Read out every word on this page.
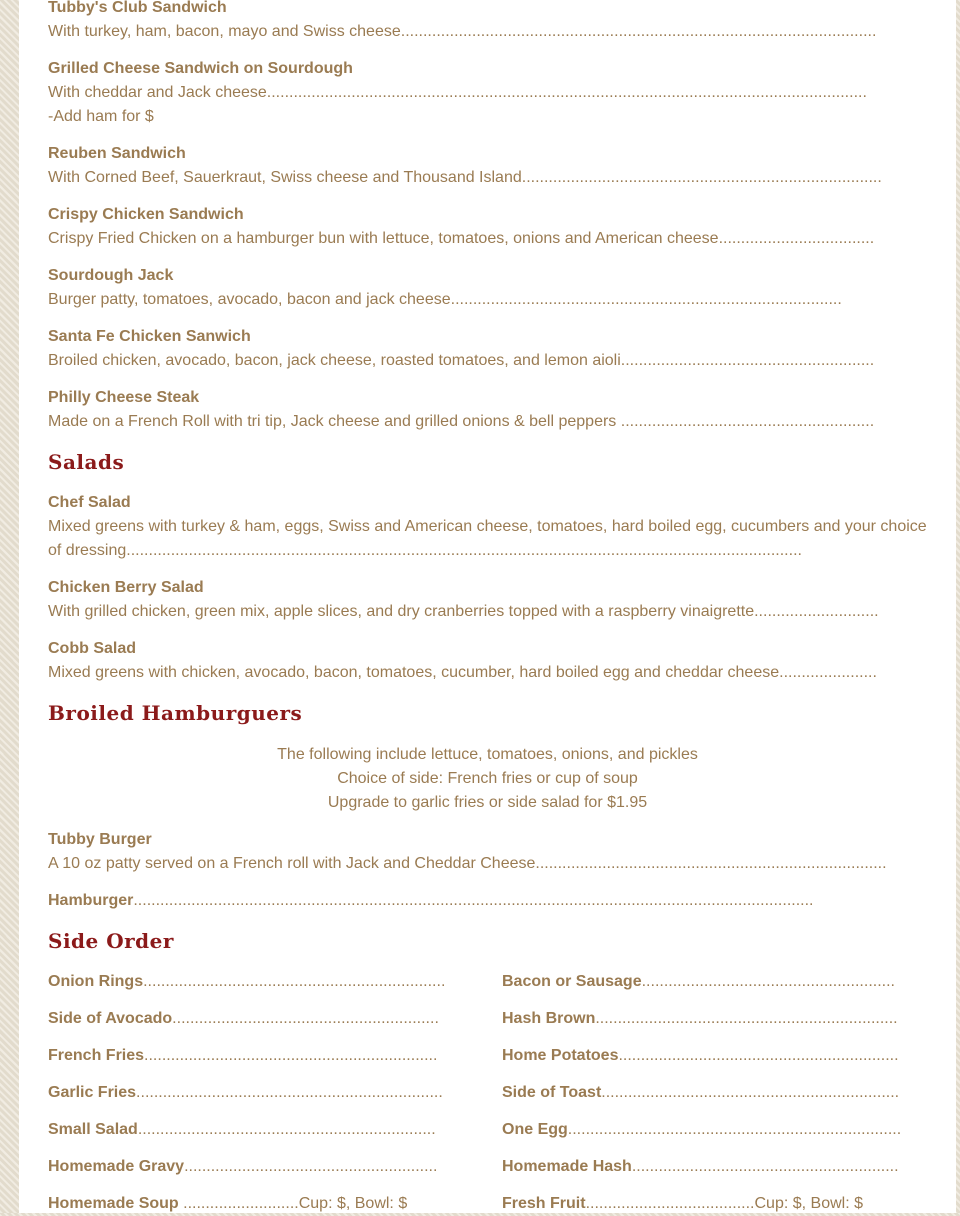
Tubby's Club Sandwich
With turkey, ham, bacon, mayo and Swiss cheese...........................................................................................................
Grilled Cheese Sandwich on Sourdough
With cheddar and Jack cheese.......................................................................................................................................
-Add ham for $
Reuben Sandwich
With Corned Beef, Sauerkraut, Swiss cheese and Thousand Island.................................................................................
Crispy Chicken Sandwich
Crispy Fried Chicken on a hamburger bun with lettuce, tomatoes, onions and American cheese...................................
Sourdough Jack
Burger patty, tomatoes, avocado, bacon and jack cheese........................................................................................
Santa Fe Chicken Sanwich
Broiled chicken, avocado, bacon, jack cheese, roasted tomatoes, and lemon aioli.........................................................
Philly Cheese Steak
Made on a French Roll with tri tip, Jack cheese and grilled onions & bell peppers .........................................................
Salads
Chef Salad
Mixed greens with turkey & ham, eggs, Swiss and American cheese, tomatoes, hard boiled egg, cucumbers and your choice of dressing........................................................................................................................................................
Chicken Berry Salad
With grilled chicken, green mix, apple slices, and dry cranberries topped with a raspberry vinaigrette............................
Cobb Salad
Mixed greens with chicken, avocado, bacon, tomatoes, cucumber, hard boiled egg and cheddar cheese......................
Broiled Hamburguers
The following include lettuce, tomatoes, onions, and pickles
Choice of side: French fries or cup of soup
Upgrade to garlic fries or side salad for $1.95
Tubby Burger
A 10 oz patty served on a French roll with Jack and Cheddar Cheese...............................................................................
Hamburger.........................................................................................................................................................
Side Order
Onion Rings....................................................................
Side of Avocado............................................................
French Fries..................................................................
Garlic Fries.....................................................................
Small Salad...................................................................
Homemade Gravy.........................................................
Homemade Soup ..........................Cup: $, Bowl: $
Bacon or Sausage.........................................................
Hash Brown....................................................................
Home Potatoes...............................................................
Side of Toast...................................................................
One Egg...........................................................................
Homemade Hash............................................................
Fresh Fruit......................................Cup: $, Bowl: $
